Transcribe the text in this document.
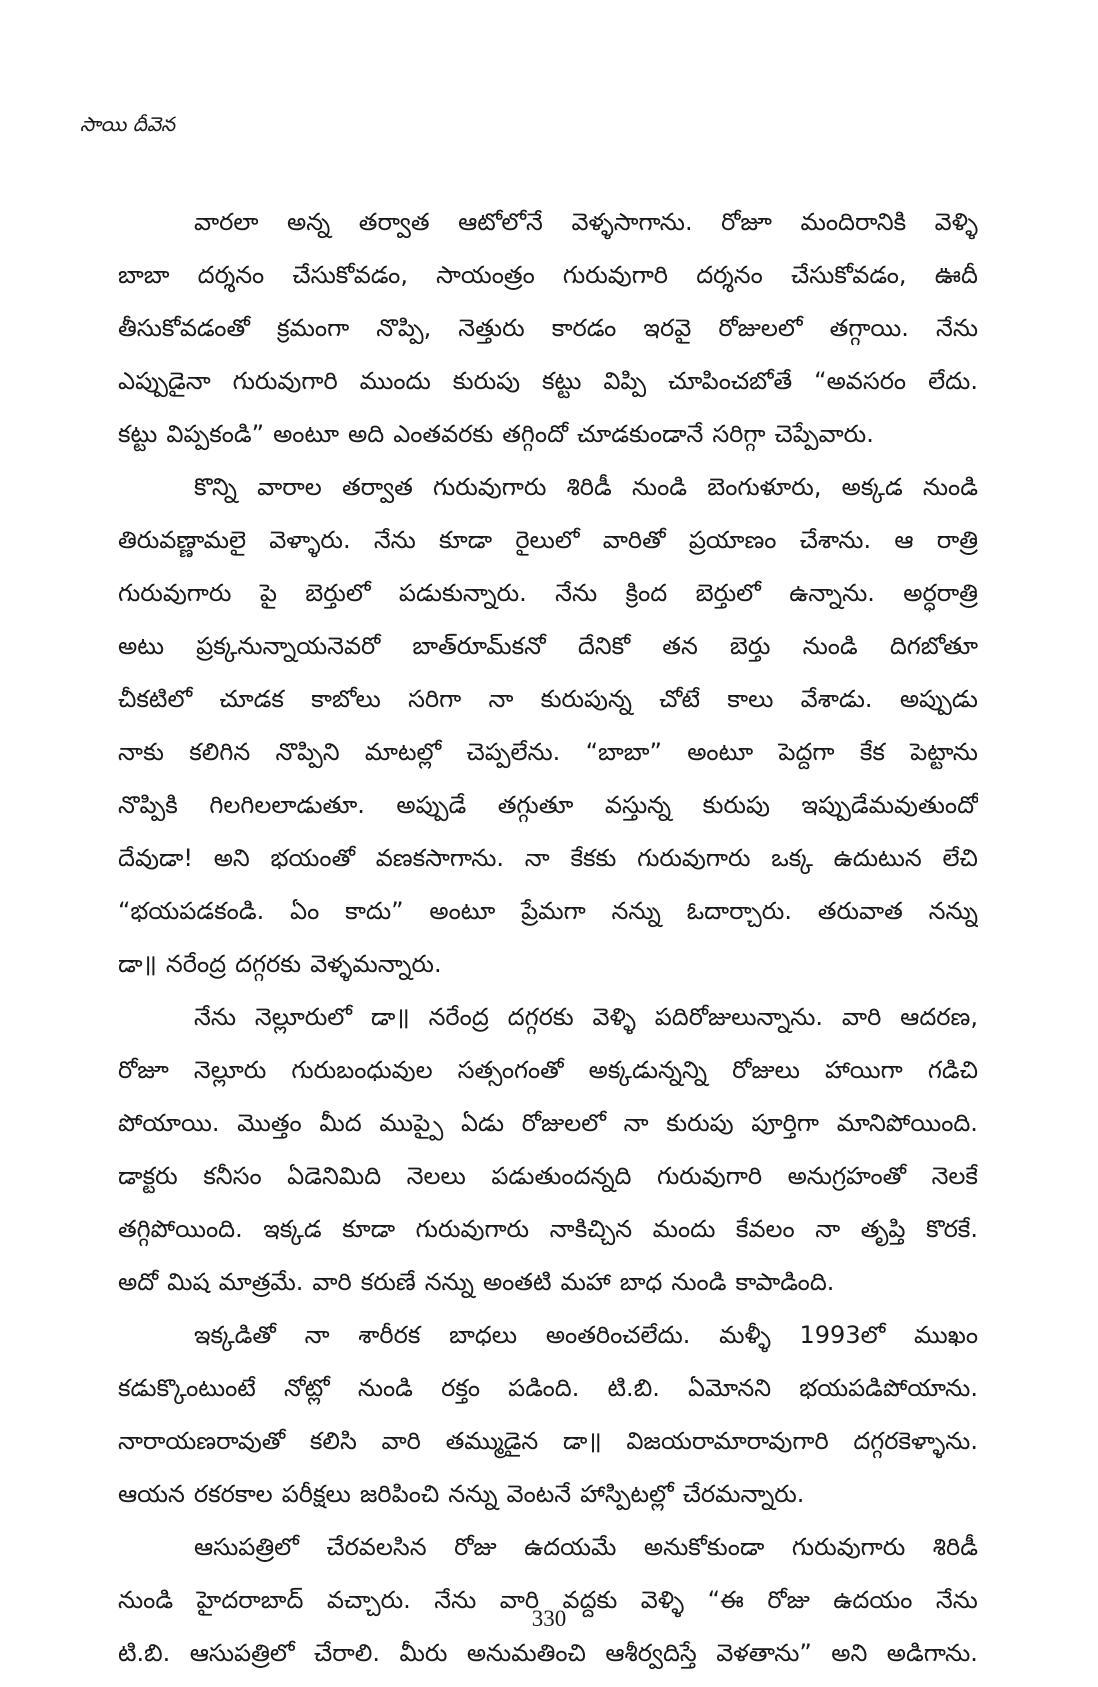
సాయి దీవెన
వారలా అన్న తర్వాత ఆటోలోనే వెళ్ళసాగాను. రోజూ మందిరానికి వెళ్ళి
బాబా దర్శనం చేసుకోవడం, సాయంత్రం గురువుగారి దర్శనం చేసుకోవడం, ఊదీ
తీసుకోవడంతో క్రమంగా నొప్పి, నెత్తురు కారడం ఇరవై రోజులలో తగ్గాయి. నేను
ఎప్పుడైనా గురువుగారి ముందు కురుపు కట్టు విప్పి చూపించబోతే “అవసరం లేదు.
కట్టు విప్పకండి” అంటూ అది ఎంతవరకు తగ్గిందో చూడకుండానే సరిగ్గా చెప్పేవారు.
కొన్ని వారాల తర్వాత గురువుగారు శిరిడీ నుండి బెంగుళూరు, అక్కడ నుండి
తిరువణ్ణామలై వెళ్ళారు. నేను కూడా రైలులో వారితో ప్రయాణం చేశాను. ఆ రాత్రి
గురువుగారు పై బెర్తులో పడుకున్నారు. నేను క్రింద బెర్తులో ఉన్నాను. అర్ధరాత్రి
అటు ప్రక్కనున్నాయనెవరో బాత్‌రూమ్‌కనో దేనికో తన బెర్తు నుండి దిగబోతూ
చీకటిలో చూడక కాబోలు సరిగా నా కురుపున్న చోటే కాలు వేశాడు. అప్పుడు
నాకు కలిగిన నొప్పిని మాటల్లో చెప్పలేను. “బాబా” అంటూ పెద్దగా కేక పెట్టాను
నొప్పికి గిలగిలలాడుతూ. అప్పుడే తగ్గుతూ వస్తున్న కురుపు ఇప్పుడేమవుతుందో
దేవుడా! అని భయంతో వణకసాగాను. నా కేకకు గురువుగారు ఒక్క ఉదుటున లేచి
“భయపడకండి. ఏం కాదు” అంటూ ప్రేమగా నన్ను ఓదార్చారు. తరువాత నన్ను
డా॥ నరేంద్ర దగ్గరకు వెళ్ళమన్నారు.
నేను నెల్లూరులో డా॥ నరేంద్ర దగ్గరకు వెళ్ళి పదిరోజులున్నాను. వారి ఆదరణ,
రోజూ నెల్లూరు గురుబంధువుల సత్సంగంతో అక్కడున్నన్ని రోజులు హాయిగా గడిచి
పోయాయి. మొత్తం మీద ముప్పై ఏడు రోజులలో నా కురుపు పూర్తిగా మానిపోయింది.
డాక్టరు కనీసం ఏడెనిమిది నెలలు పడుతుందన్నది గురువుగారి అనుగ్రహంతో నెలకే
తగ్గిపోయింది. ఇక్కడ కూడా గురువుగారు నాకిచ్చిన మందు కేవలం నా తృప్తి కొరకే.
అదో మిష మాత్రమే. వారి కరుణే నన్ను అంతటి మహా బాధ నుండి కాపాడింది.
ఇక్కడితో నా శారీరక బాధలు అంతరించలేదు. మళ్ళీ 1993లో ముఖం
కడుక్కొంటుంటే నోట్లో నుండి రక్తం పడింది. టి.బి. ఏమోనని భయపడిపోయాను.
నారాయణరావుతో కలిసి వారి తమ్ముడైన డా॥ విజయరామారావుగారి దగ్గరకెళ్ళాను.
ఆయన రకరకాల పరీక్షలు జరిపించి నన్ను వెంటనే హాస్పిటల్లో చేరమన్నారు.
ఆసుపత్రిలో చేరవలసిన రోజు ఉదయమే అనుకోకుండా గురువుగారు శిరిడీ
నుండి హైదరాబాద్ వచ్చారు. నేను వారి వద్దకు వెళ్ళి “ఈ రోజు ఉదయం నేను
టి.బి. ఆసుపత్రిలో చేరాలి. మీరు అనుమతించి ఆశీర్వదిస్తే వెళతాను” అని అడిగాను.
330
